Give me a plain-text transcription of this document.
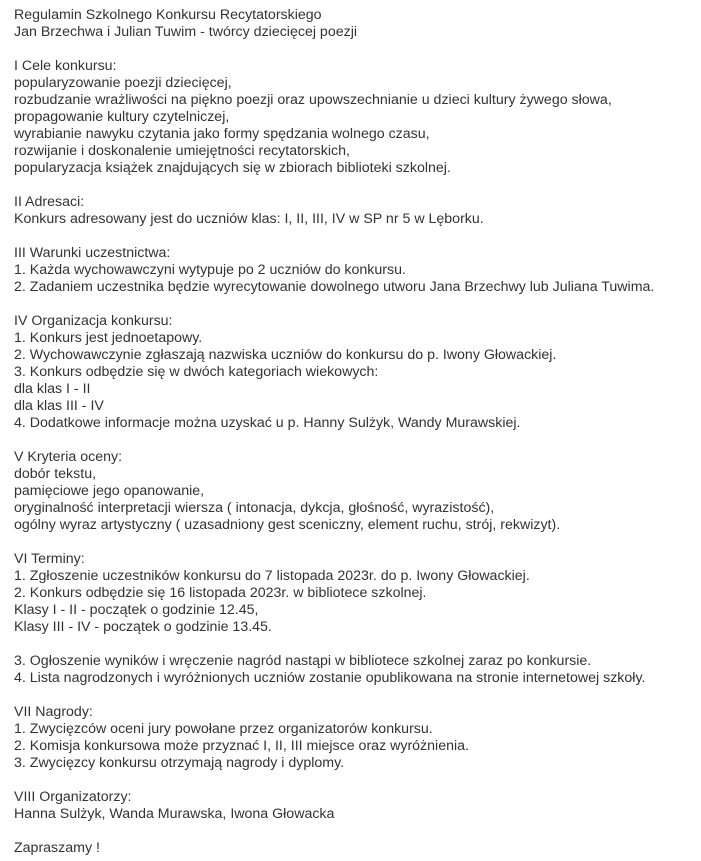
Regulamin Szkolnego Konkursu Recytatorskiego
Jan Brzechwa i Julian Tuwim - twórcy dziecięcej poezji
I Cele konkursu:
popularyzowanie poezji dziecięcej,
rozbudzanie wrażliwości na piękno poezji oraz upowszechnianie u dzieci kultury żywego słowa,
propagowanie kultury czytelniczej,
wyrabianie nawyku czytania jako formy spędzania wolnego czasu,
rozwijanie i doskonalenie umiejętności recytatorskich,
popularyzacja książek znajdujących się w zbiorach biblioteki szkolnej.
II Adresaci:
Konkurs adresowany jest do uczniów klas: I, II, III, IV w SP nr 5 w Lęborku.
III Warunki uczestnictwa:
1. Każda wychowawczyni wytypuje po 2 uczniów do konkursu.
2. Zadaniem uczestnika będzie wyrecytowanie dowolnego utworu Jana Brzechwy lub Juliana Tuwima.
IV Organizacja konkursu:
1. Konkurs jest jednoetapowy.
2. Wychowawczynie zgłaszają nazwiska uczniów do konkursu do p. Iwony Głowackiej.
3. Konkurs odbędzie się w dwóch kategoriach wiekowych:
dla klas I - II
dla klas III - IV
4. Dodatkowe informacje można uzyskać u p. Hanny Sulżyk, Wandy Murawskiej.
V Kryteria oceny:
dobór tekstu,
pamięciowe jego opanowanie,
oryginalność interpretacji wiersza ( intonacja, dykcja, głośność, wyrazistość),
ogólny wyraz artystyczny ( uzasadniony gest sceniczny, element ruchu, strój, rekwizyt).
VI Terminy:
1. Zgłoszenie uczestników konkursu do 7 listopada 2023r. do p. Iwony Głowackiej.
2. Konkurs odbędzie się 16 listopada 2023r. w bibliotece szkolnej.
Klasy I - II - początek o godzinie 12.45,
Klasy III - IV - początek o godzinie 13.45.
3. Ogłoszenie wyników i wręczenie nagród nastąpi w bibliotece szkolnej zaraz po konkursie.
4. Lista nagrodzonych i wyróżnionych uczniów zostanie opublikowana na stronie internetowej szkoły.
VII Nagrody:
1. Zwycięzców oceni jury powołane przez organizatorów konkursu.
2. Komisja konkursowa może przyznać I, II, III miejsce oraz wyróżnienia.
3. Zwycięzcy konkursu otrzymają nagrody i dyplomy.
VIII Organizatorzy:
Hanna Sulżyk, Wanda Murawska, Iwona Głowacka
Zapraszamy !
